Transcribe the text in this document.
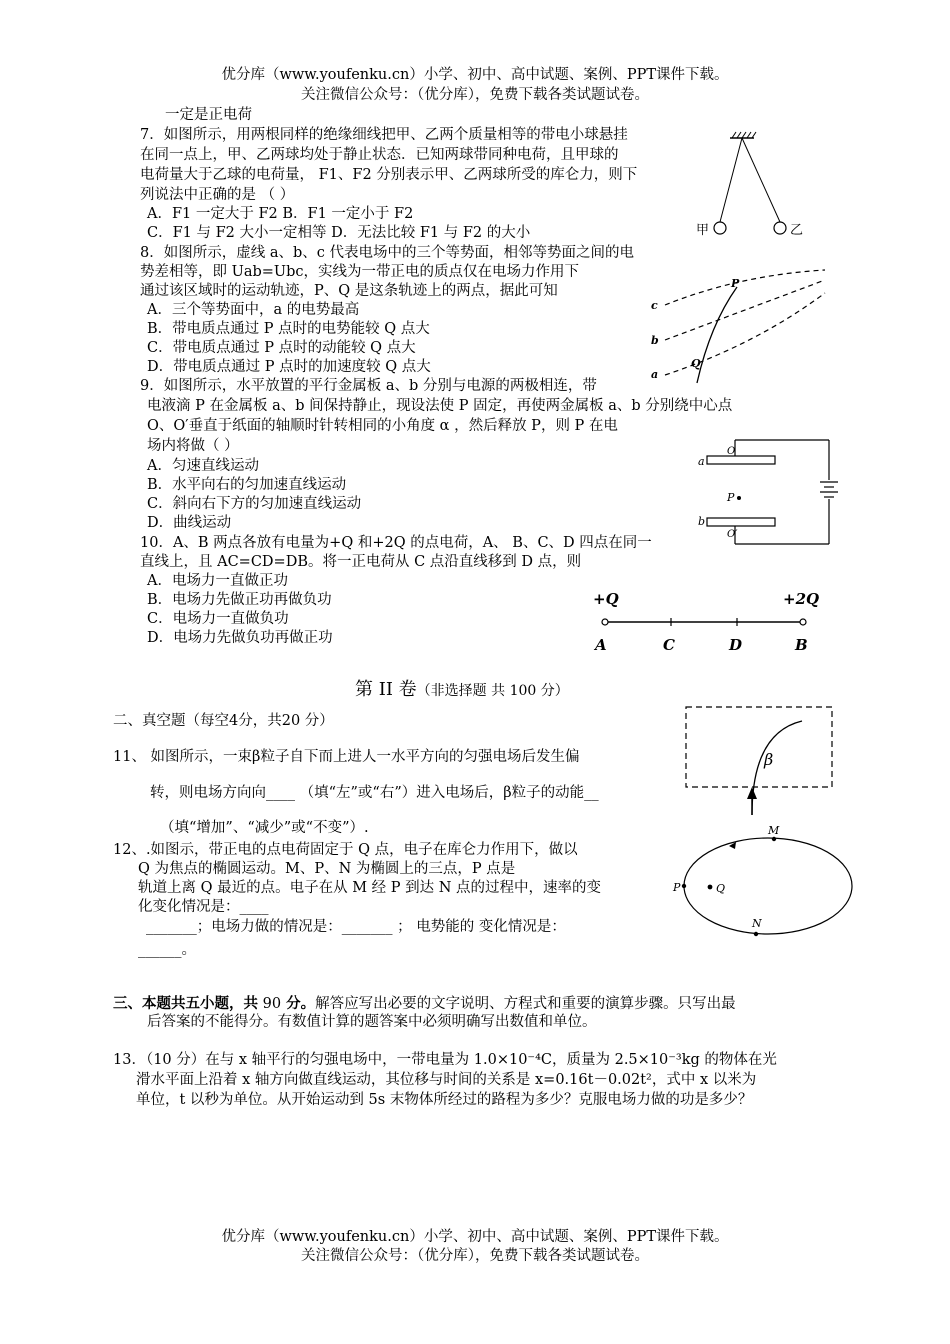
优分库（www.youfenku.cn）小学、初中、高中试题、案例、PPT课件下载。
关注微信公众号：（优分库），免费下载各类试题试卷。
一定是正电荷
7．如图所示，用两根同样的绝缘细线把甲、乙两个质量相等的带电小球悬挂
在同一点上，甲、乙两球均处于静止状态．已知两球带同种电荷，且甲球的
电荷量大于乙球的电荷量， F1、F2 分别表示甲、乙两球所受的库仑力，则下
列说法中正确的是 （ ）
A．F1 一定大于 F2 B．F1 一定小于 F2
C．F1 与 F2 大小一定相等 D．无法比较 F1 与 F2 的大小	甲	乙
8．如图所示，虚线 a、b、c 代表电场中的三个等势面，相邻等势面之间的电
势差相等，即 Uab=Ubc，实线为一带正电的质点仅在电场力作用下
通过该区域时的运动轨迹，P、Q 是这条轨迹上的两点，据此可知
A．三个等势面中，a 的电势最高
B．带电质点通过 P 点时的电势能较 Q 点大
C．带电质点通过 P 点时的动能较 Q 点大
D．带电质点通过 P 点时的加速度较 Q 点大
P
Q
a
b
c
9．如图所示，水平放置的平行金属板 a、b 分别与电源的两极相连，带
电液滴 P 在金属板 a、b 间保持静止，现设法使 P 固定，再使两金属板 a、b 分别绕中心点
O、O′垂直于纸面的轴顺时针转相同的小角度 α ，然后释放 P，则 P 在电
场内将做（ ）
A．匀速直线运动
B．水平向右的匀加速直线运动
C．斜向右下方的匀加速直线运动
D．曲线运动
a
O
P
b
O′
10．A、B 两点各放有电量为+Q 和+2Q 的点电荷，A、 B、C、D 四点在同一
直线上，且 AC=CD=DB。将一正电荷从 C 点沿直线移到 D 点，则
A．电场力一直做正功
B．电场力先做正功再做负功
C．电场力一直做负功
D．电场力先做负功再做正功
+Q	+2Q
A	C	D	B
第 II 卷（非选择题 共 100 分）
二、真空题（每空4分，共20 分）
11、 如图所示，一束β粒子自下而上进人一水平方向的匀强电场后发生偏
转，则电场方向向____ （填“左”或“右”）进入电场后，β粒子的动能__
（填“增加”、“减少”或“不变”）.
β
12、.如图示，带正电的点电荷固定于 Q 点，电子在库仑力作用下，做以
Q 为焦点的椭圆运动。M、P、N 为椭圆上的三点，P 点是
轨道上离 Q 最近的点。电子在从 M 经 P 到达 N 点的过程中，速率的变
化变化情况是：____
_______；电场力做的情况是：_______ ； 电势能的 变化情况是：
______。
M
P	Q
N
三、本题共五小题，共 90 分。解答应写出必要的文字说明、方程式和重要的演算步骤。只写出最
后答案的不能得分。有数值计算的题答案中必须明确写出数值和单位。
13．（10 分）在与 x 轴平行的匀强电场中，一带电量为 1.0×10⁻⁴C，质量为 2.5×10⁻³kg 的物体在光
滑水平面上沿着 x 轴方向做直线运动，其位移与时间的关系是 x=0.16t－0.02t²，式中 x 以米为
单位，t 以秒为单位。从开始运动到 5s 末物体所经过的路程为多少？克服电场力做的功是多少？
优分库（www.youfenku.cn）小学、初中、高中试题、案例、PPT课件下载。
关注微信公众号：（优分库），免费下载各类试题试卷。
